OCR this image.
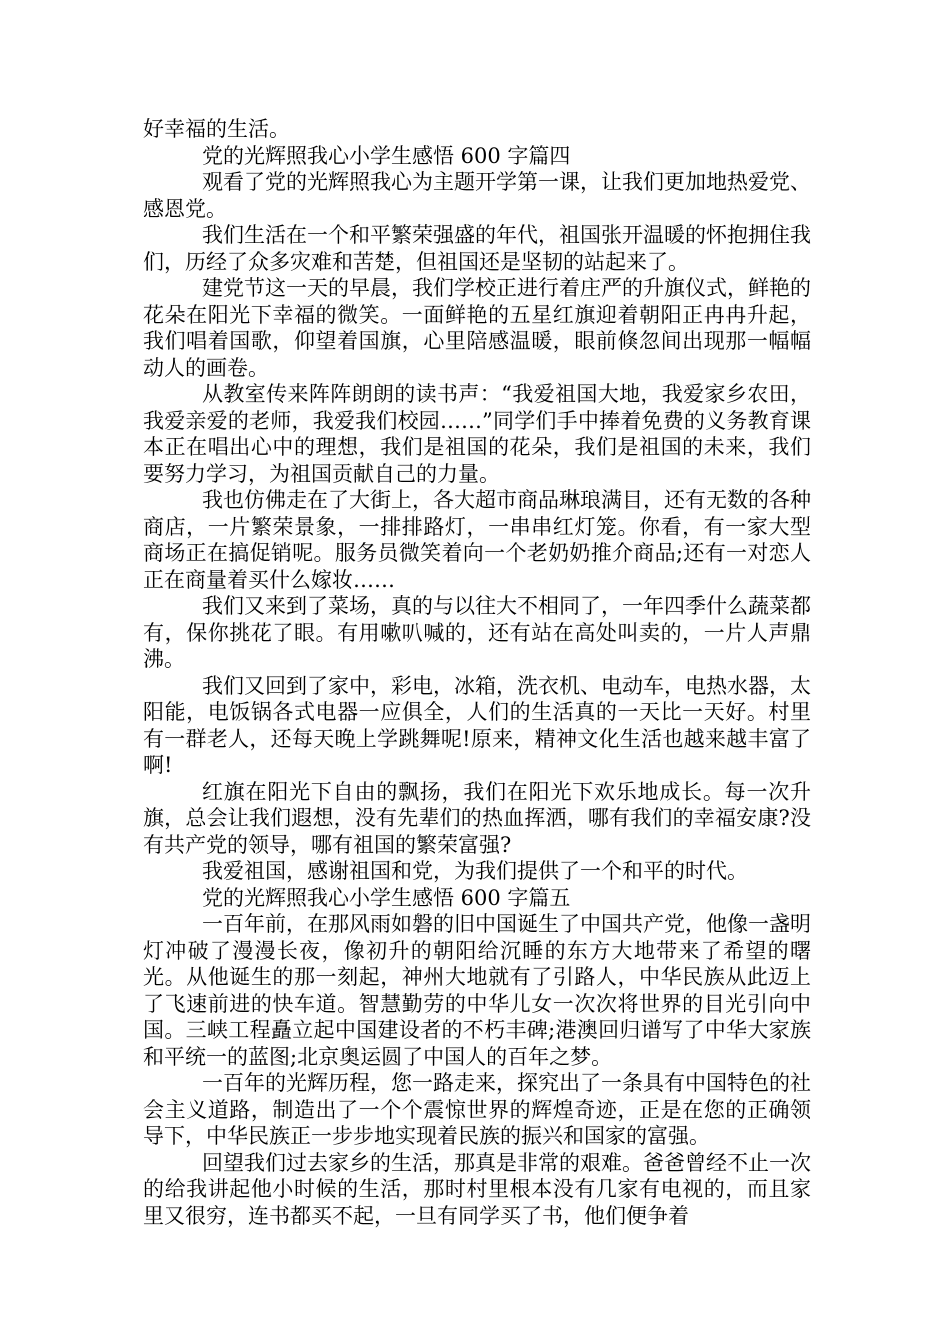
好幸福的生活。

党的光辉照我心小学生感悟 600 字篇四

观看了党的光辉照我心为主题开学第一课，让我们更加地热爱党、感恩党。

我们生活在一个和平繁荣强盛的年代，祖国张开温暖的怀抱拥住我们，历经了众多灾难和苦楚，但祖国还是坚韧的站起来了。

建党节这一天的早晨，我们学校正进行着庄严的升旗仪式，鲜艳的花朵在阳光下幸福的微笑。一面鲜艳的五星红旗迎着朝阳正冉冉升起，我们唱着国歌，仰望着国旗，心里陪感温暖，眼前倏忽间出现那一幅幅动人的画卷。

从教室传来阵阵朗朗的读书声：“我爱祖国大地，我爱家乡农田，我爱亲爱的老师，我爱我们校园……”同学们手中捧着免费的义务教育课本正在唱出心中的理想，我们是祖国的花朵，我们是祖国的未来，我们要努力学习，为祖国贡献自己的力量。

我也仿佛走在了大街上，各大超市商品琳琅满目，还有无数的各种商店，一片繁荣景象，一排排路灯，一串串红灯笼。你看，有一家大型商场正在搞促销呢。服务员微笑着向一个老奶奶推介商品;还有一对恋人正在商量着买什么嫁妆……

我们又来到了菜场，真的与以往大不相同了，一年四季什么蔬菜都有，保你挑花了眼。有用嗽叭喊的，还有站在高处叫卖的，一片人声鼎沸。

我们又回到了家中，彩电，冰箱，洗衣机、电动车，电热水器，太阳能，电饭锅各式电器一应俱全，人们的生活真的一天比一天好。村里有一群老人，还每天晚上学跳舞呢!原来，精神文化生活也越来越丰富了啊!

红旗在阳光下自由的飘扬，我们在阳光下欢乐地成长。每一次升旗，总会让我们遐想，没有先辈们的热血挥洒，哪有我们的幸福安康?没有共产党的领导，哪有祖国的繁荣富强?

我爱祖国，感谢祖国和党，为我们提供了一个和平的时代。

党的光辉照我心小学生感悟 600 字篇五

一百年前，在那风雨如磐的旧中国诞生了中国共产党，他像一盏明灯冲破了漫漫长夜，像初升的朝阳给沉睡的东方大地带来了希望的曙光。从他诞生的那一刻起，神州大地就有了引路人，中华民族从此迈上了飞速前进的快车道。智慧勤劳的中华儿女一次次将世界的目光引向中国。三峡工程矗立起中国建设者的不朽丰碑;港澳回归谱写了中华大家族和平统一的蓝图;北京奥运圆了中国人的百年之梦。

一百年的光辉历程，您一路走来，探究出了一条具有中国特色的社会主义道路，制造出了一个个震惊世界的辉煌奇迹，正是在您的正确领导下，中华民族正一步步地实现着民族的振兴和国家的富强。

回望我们过去家乡的生活，那真是非常的艰难。爸爸曾经不止一次的给我讲起他小时候的生活，那时村里根本没有几家有电视的，而且家里又很穷，连书都买不起，一旦有同学买了书，他们便争着
